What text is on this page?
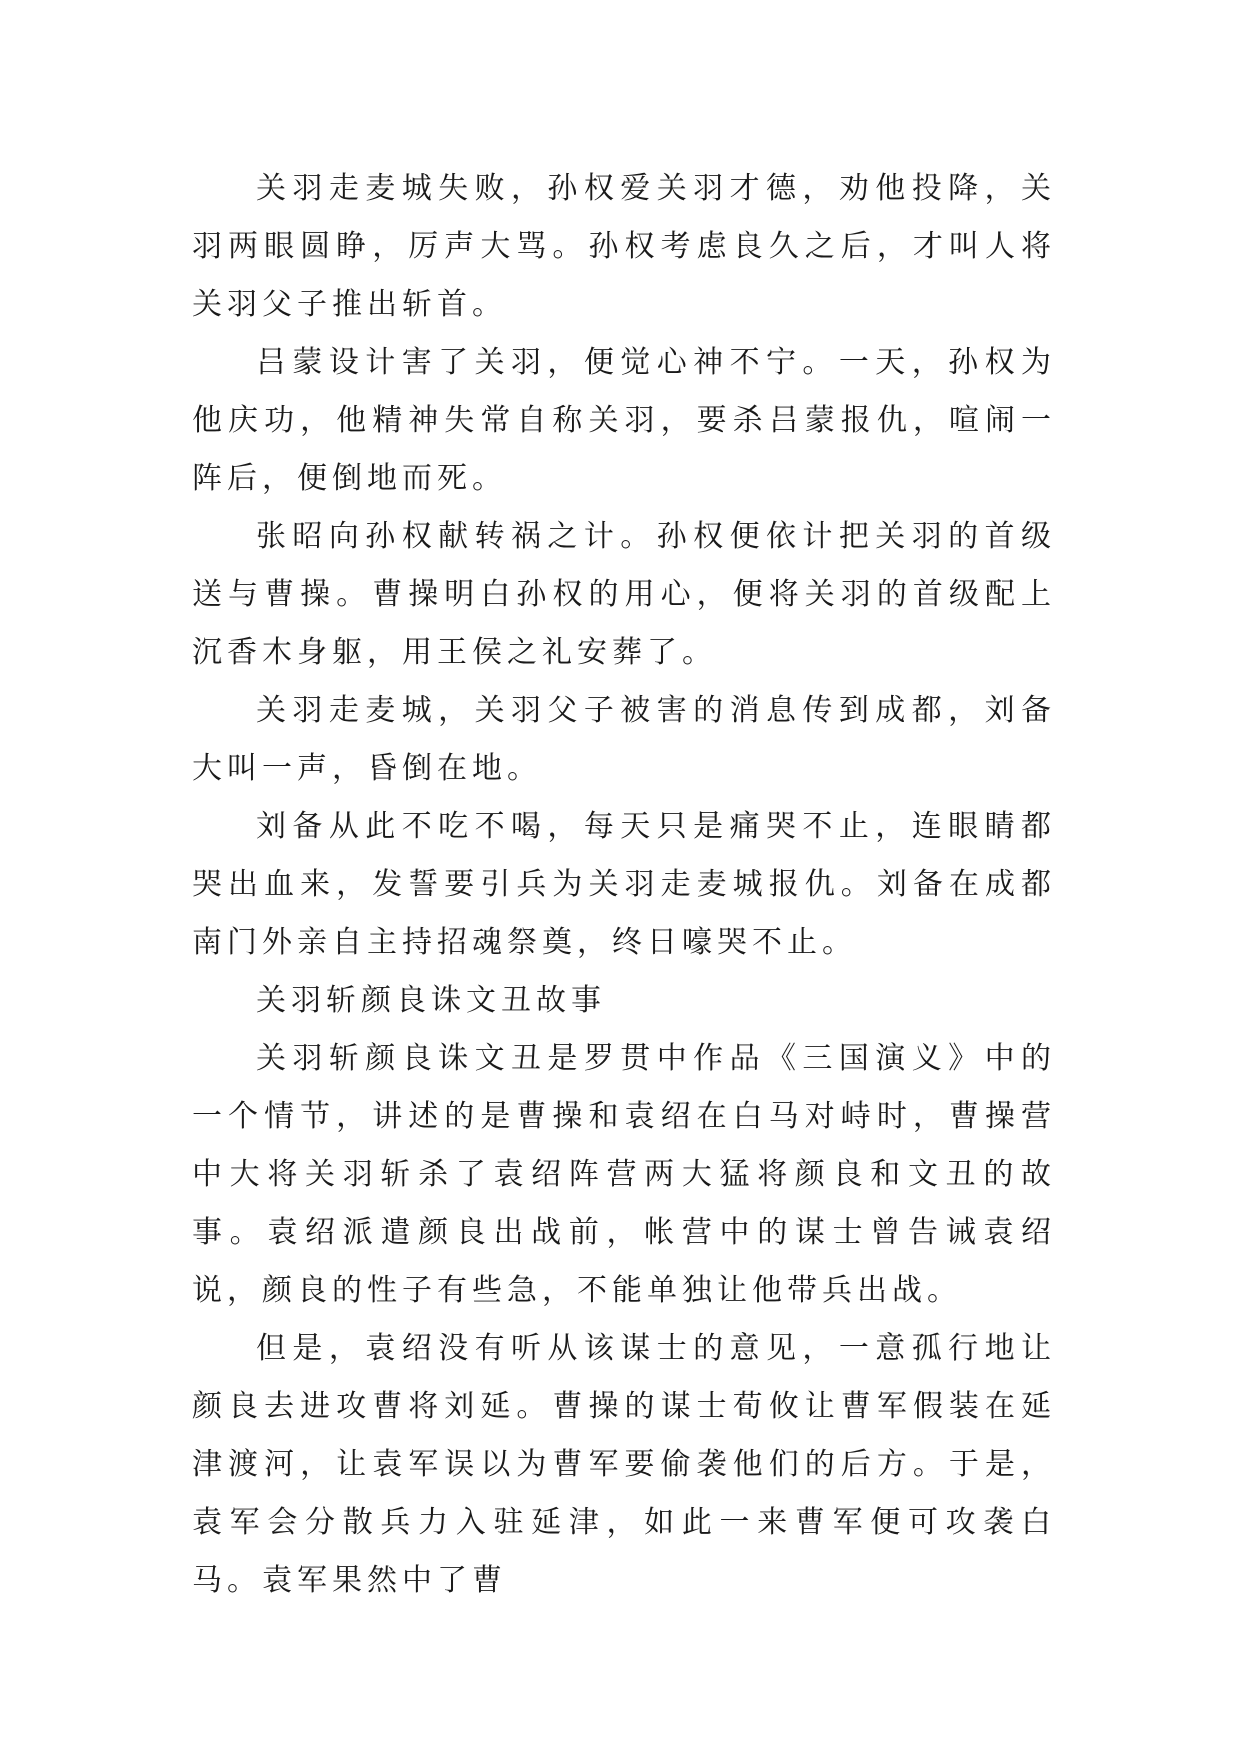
关羽走麦城失败，孙权爱关羽才德，劝他投降，关羽两眼圆睁，厉声大骂。孙权考虑良久之后，才叫人将关羽父子推出斩首。

吕蒙设计害了关羽，便觉心神不宁。一天，孙权为他庆功，他精神失常自称关羽，要杀吕蒙报仇，喧闹一阵后，便倒地而死。

张昭向孙权献转祸之计。孙权便依计把关羽的首级送与曹操。曹操明白孙权的用心，便将关羽的首级配上沉香木身躯，用王侯之礼安葬了。

关羽走麦城，关羽父子被害的消息传到成都，刘备大叫一声，昏倒在地。

刘备从此不吃不喝，每天只是痛哭不止，连眼睛都哭出血来，发誓要引兵为关羽走麦城报仇。刘备在成都南门外亲自主持招魂祭奠，终日嚎哭不止。

关羽斩颜良诛文丑故事

关羽斩颜良诛文丑是罗贯中作品《三国演义》中的一个情节，讲述的是曹操和袁绍在白马对峙时，曹操营中大将关羽斩杀了袁绍阵营两大猛将颜良和文丑的故事。袁绍派遣颜良出战前，帐营中的谋士曾告诫袁绍说，颜良的性子有些急，不能单独让他带兵出战。

但是，袁绍没有听从该谋士的意见，一意孤行地让颜良去进攻曹将刘延。曹操的谋士荀攸让曹军假装在延津渡河，让袁军误以为曹军要偷袭他们的后方。于是，袁军会分散兵力入驻延津，如此一来曹军便可攻袭白马。袁军果然中了曹
